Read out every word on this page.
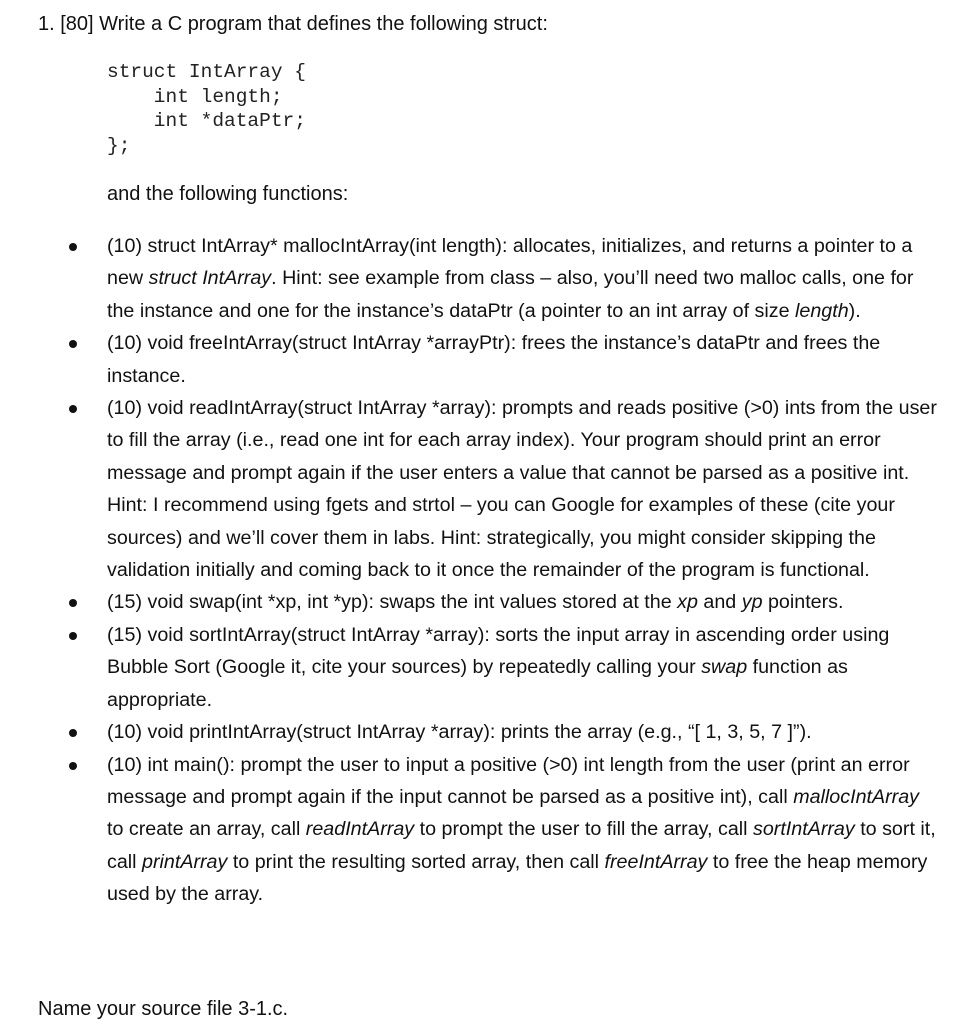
1. [80] Write a C program that defines the following struct:
struct IntArray {
int length;
int *dataPtr;
};
and the following functions:
(10) struct IntArray* mallocIntArray(int length): allocates, initializes, and returns a pointer to a new struct IntArray. Hint: see example from class – also, you’ll need two malloc calls, one for the instance and one for the instance’s dataPtr (a pointer to an int array of size length).
(10) void freeIntArray(struct IntArray *arrayPtr): frees the instance’s dataPtr and frees the instance.
(10) void readIntArray(struct IntArray *array): prompts and reads positive (>0) ints from the user to fill the array (i.e., read one int for each array index). Your program should print an error message and prompt again if the user enters a value that cannot be parsed as a positive int. Hint: I recommend using fgets and strtol – you can Google for examples of these (cite your sources) and we’ll cover them in labs. Hint: strategically, you might consider skipping the validation initially and coming back to it once the remainder of the program is functional.
(15) void swap(int *xp, int *yp): swaps the int values stored at the xp and yp pointers.
(15) void sortIntArray(struct IntArray *array): sorts the input array in ascending order using Bubble Sort (Google it, cite your sources) by repeatedly calling your swap function as appropriate.
(10) void printIntArray(struct IntArray *array): prints the array (e.g., “[ 1, 3, 5, 7 ]”).
(10) int main(): prompt the user to input a positive (>0) int length from the user (print an error message and prompt again if the input cannot be parsed as a positive int), call mallocIntArray to create an array, call readIntArray to prompt the user to fill the array, call sortIntArray to sort it, call printArray to print the resulting sorted array, then call freeIntArray to free the heap memory used by the array.
Name your source file 3-1.c.
